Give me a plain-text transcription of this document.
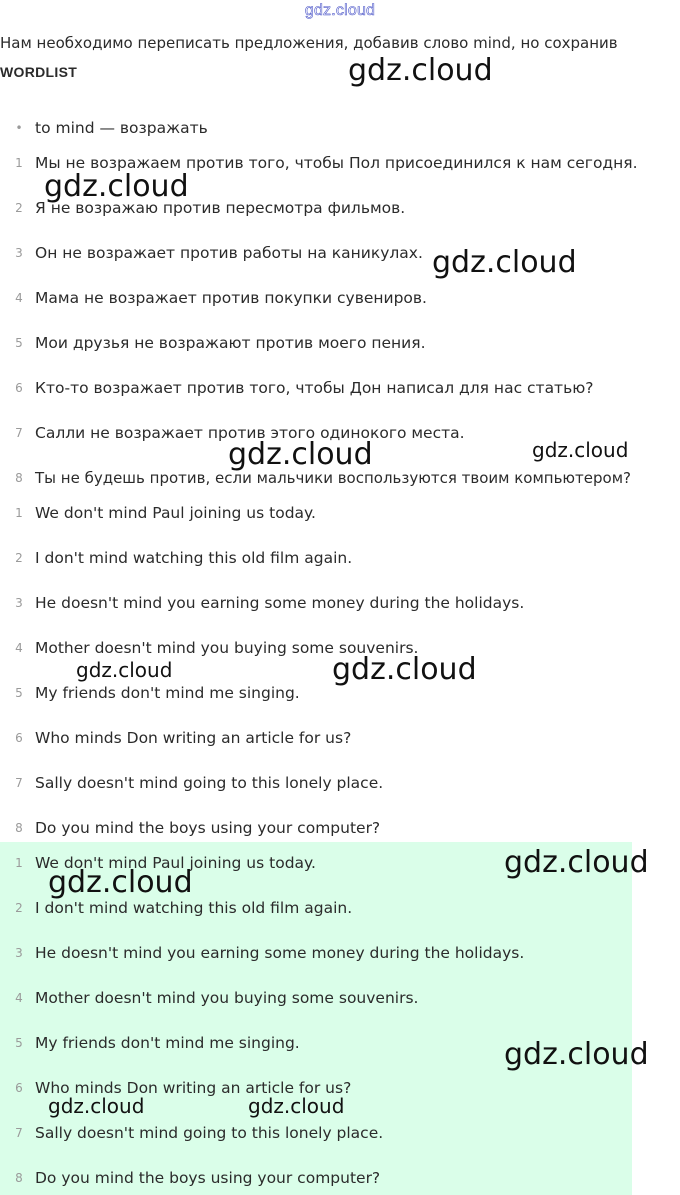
gdz.cloud
Нам необходимо переписать предложения, добавив слово mind, но сохранив
WORDLIST
• to mind — возражать
1 Мы не возражаем против того, чтобы Пол присоединился к нам сегодня.
2 Я не возражаю против пересмотра фильмов.
3 Он не возражает против работы на каникулах.
4 Мама не возражает против покупки сувениров.
5 Мои друзья не возражают против моего пения.
6 Кто-то возражает против того, чтобы Дон написал для нас статью?
7 Салли не возражает против этого одинокого места.
8 Ты не будешь против, если мальчики воспользуются твоим компьютером?
1 We don't mind Paul joining us today.
2 I don't mind watching this old film again.
3 He doesn't mind you earning some money during the holidays.
4 Mother doesn't mind you buying some souvenirs.
5 My friends don't mind me singing.
6 Who minds Don writing an article for us?
7 Sally doesn't mind going to this lonely place.
8 Do you mind the boys using your computer?
1 We don't mind Paul joining us today.
2 I don't mind watching this old film again.
3 He doesn't mind you earning some money during the holidays.
4 Mother doesn't mind you buying some souvenirs.
5 My friends don't mind me singing.
6 Who minds Don writing an article for us?
7 Sally doesn't mind going to this lonely place.
8 Do you mind the boys using your computer?
gdz.cloud
gdz.cloud
gdz.cloud
gdz.cloud
gdz.cloud
gdz.cloud	gdz.cloud
gdz.cloud
gdz.cloud
gdz.cloud
gdz.cloud	gdz.cloud
